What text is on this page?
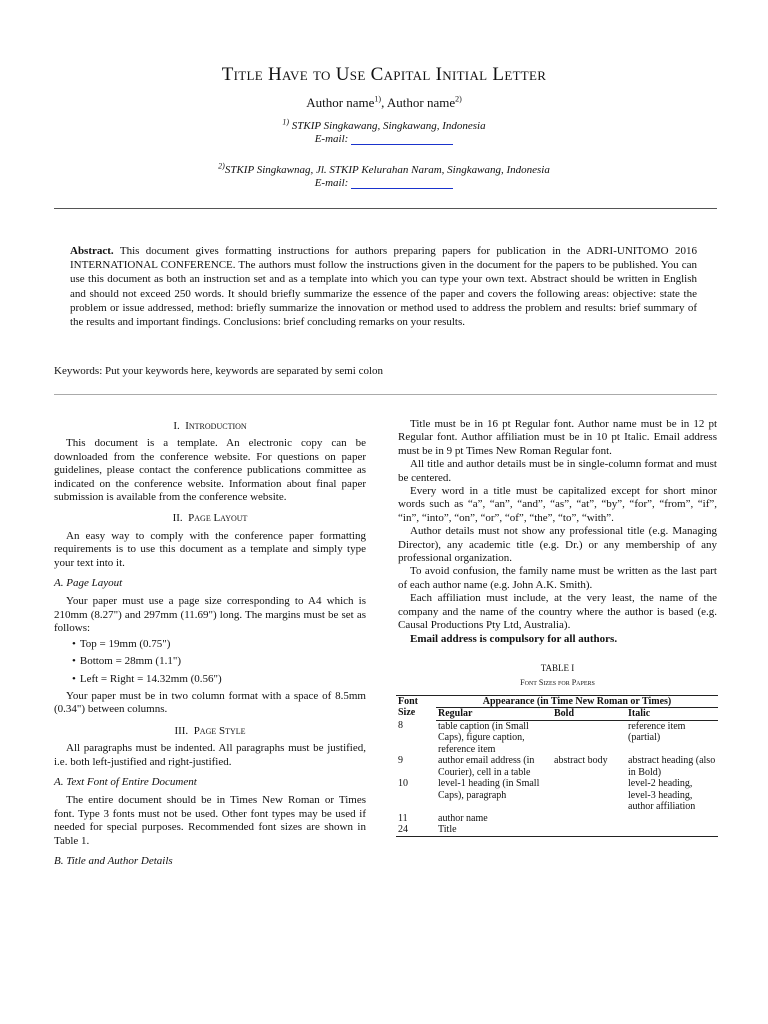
Title Have to Use Capital Initial Letter
Author name$^{1)}$, Author name$^{2)}$
$^{1)}$ STKIP Singkawang, Singkawang, Indonesia
E-mail:
$^{2)}$STKIP Singkawnag, Jl. STKIP Kelurahan Naram, Singkawang, Indonesia
E-mail:
Abstract. This document gives formatting instructions for authors preparing papers for publication in the ADRI-UNITOMO 2016 INTERNATIONAL CONFERENCE. The authors must follow the instructions given in the document for the papers to be published. You can use this document as both an instruction set and as a template into which you can type your own text. Abstract should be written in English and should not exceed 250 words. It should briefly summarize the essence of the paper and covers the following areas: objective: state the problem or issue addressed, method: briefly summarize the innovation or method used to address the problem and results: brief summary of the results and important findings. Conclusions: brief concluding remarks on your results.
Keywords: Put your keywords here, keywords are separated by semi colon
I. Introduction

This document is a template. An electronic copy can be downloaded from the conference website. For questions on paper guidelines, please contact the conference publications committee as indicated on the conference website. Information about final paper submission is available from the conference website.

II. Page Layout

An easy way to comply with the conference paper formatting requirements is to use this document as a template and simply type your text into it.

A. Page Layout

Your paper must use a page size corresponding to A4 which is 210mm (8.27") and 297mm (11.69") long. The margins must be set as follows:

• Top = 19mm (0.75")
• Bottom = 28mm (1.1")
• Left = Right = 14.32mm (0.56")

Your paper must be in two column format with a space of 8.5mm (0.34") between columns.

III. Page Style

All paragraphs must be indented. All paragraphs must be justified, i.e. both left-justified and right-justified.

A. Text Font of Entire Document

The entire document should be in Times New Roman or Times font. Type 3 fonts must not be used. Other font types may be used if needed for special purposes. Recommended font sizes are shown in Table 1.

B. Title and Author Details

Title must be in 16 pt Regular font. Author name must be in 12 pt Regular font. Author affiliation must be in 10 pt Italic. Email address must be in 9 pt Times New Roman Regular font.

All title and author details must be in single-column format and must be centered.

Every word in a title must be capitalized except for short minor words such as “a”, “an”, “and”, “as”, “at”, “by”, “for”, “from”, “if”, “in”, “into”, “on”, “or”, “of”, “the”, “to”, “with”.

Author details must not show any professional title (e.g. Managing Director), any academic title (e.g. Dr.) or any membership of any professional organization.

To avoid confusion, the family name must be written as the last part of each author name (e.g. John A.K. Smith).

Each affiliation must include, at the very least, the name of the company and the name of the country where the author is based (e.g. Causal Productions Pty Ltd, Australia).

Email address is compulsory for all authors.

TABLE I
Font Sizes for Papers
Font Size	Appearance (in Time New Roman or Times)		
	Regular	Bold	Italic
8	table caption (in Small Caps), figure caption, reference item		reference item (partial)
9	author email address (in Courier), cell in a table	abstract body	abstract heading (also in Bold)
10	level-1 heading (in Small Caps), paragraph		level-2 heading, level-3 heading, author affiliation
11	author name		
24	Title		
